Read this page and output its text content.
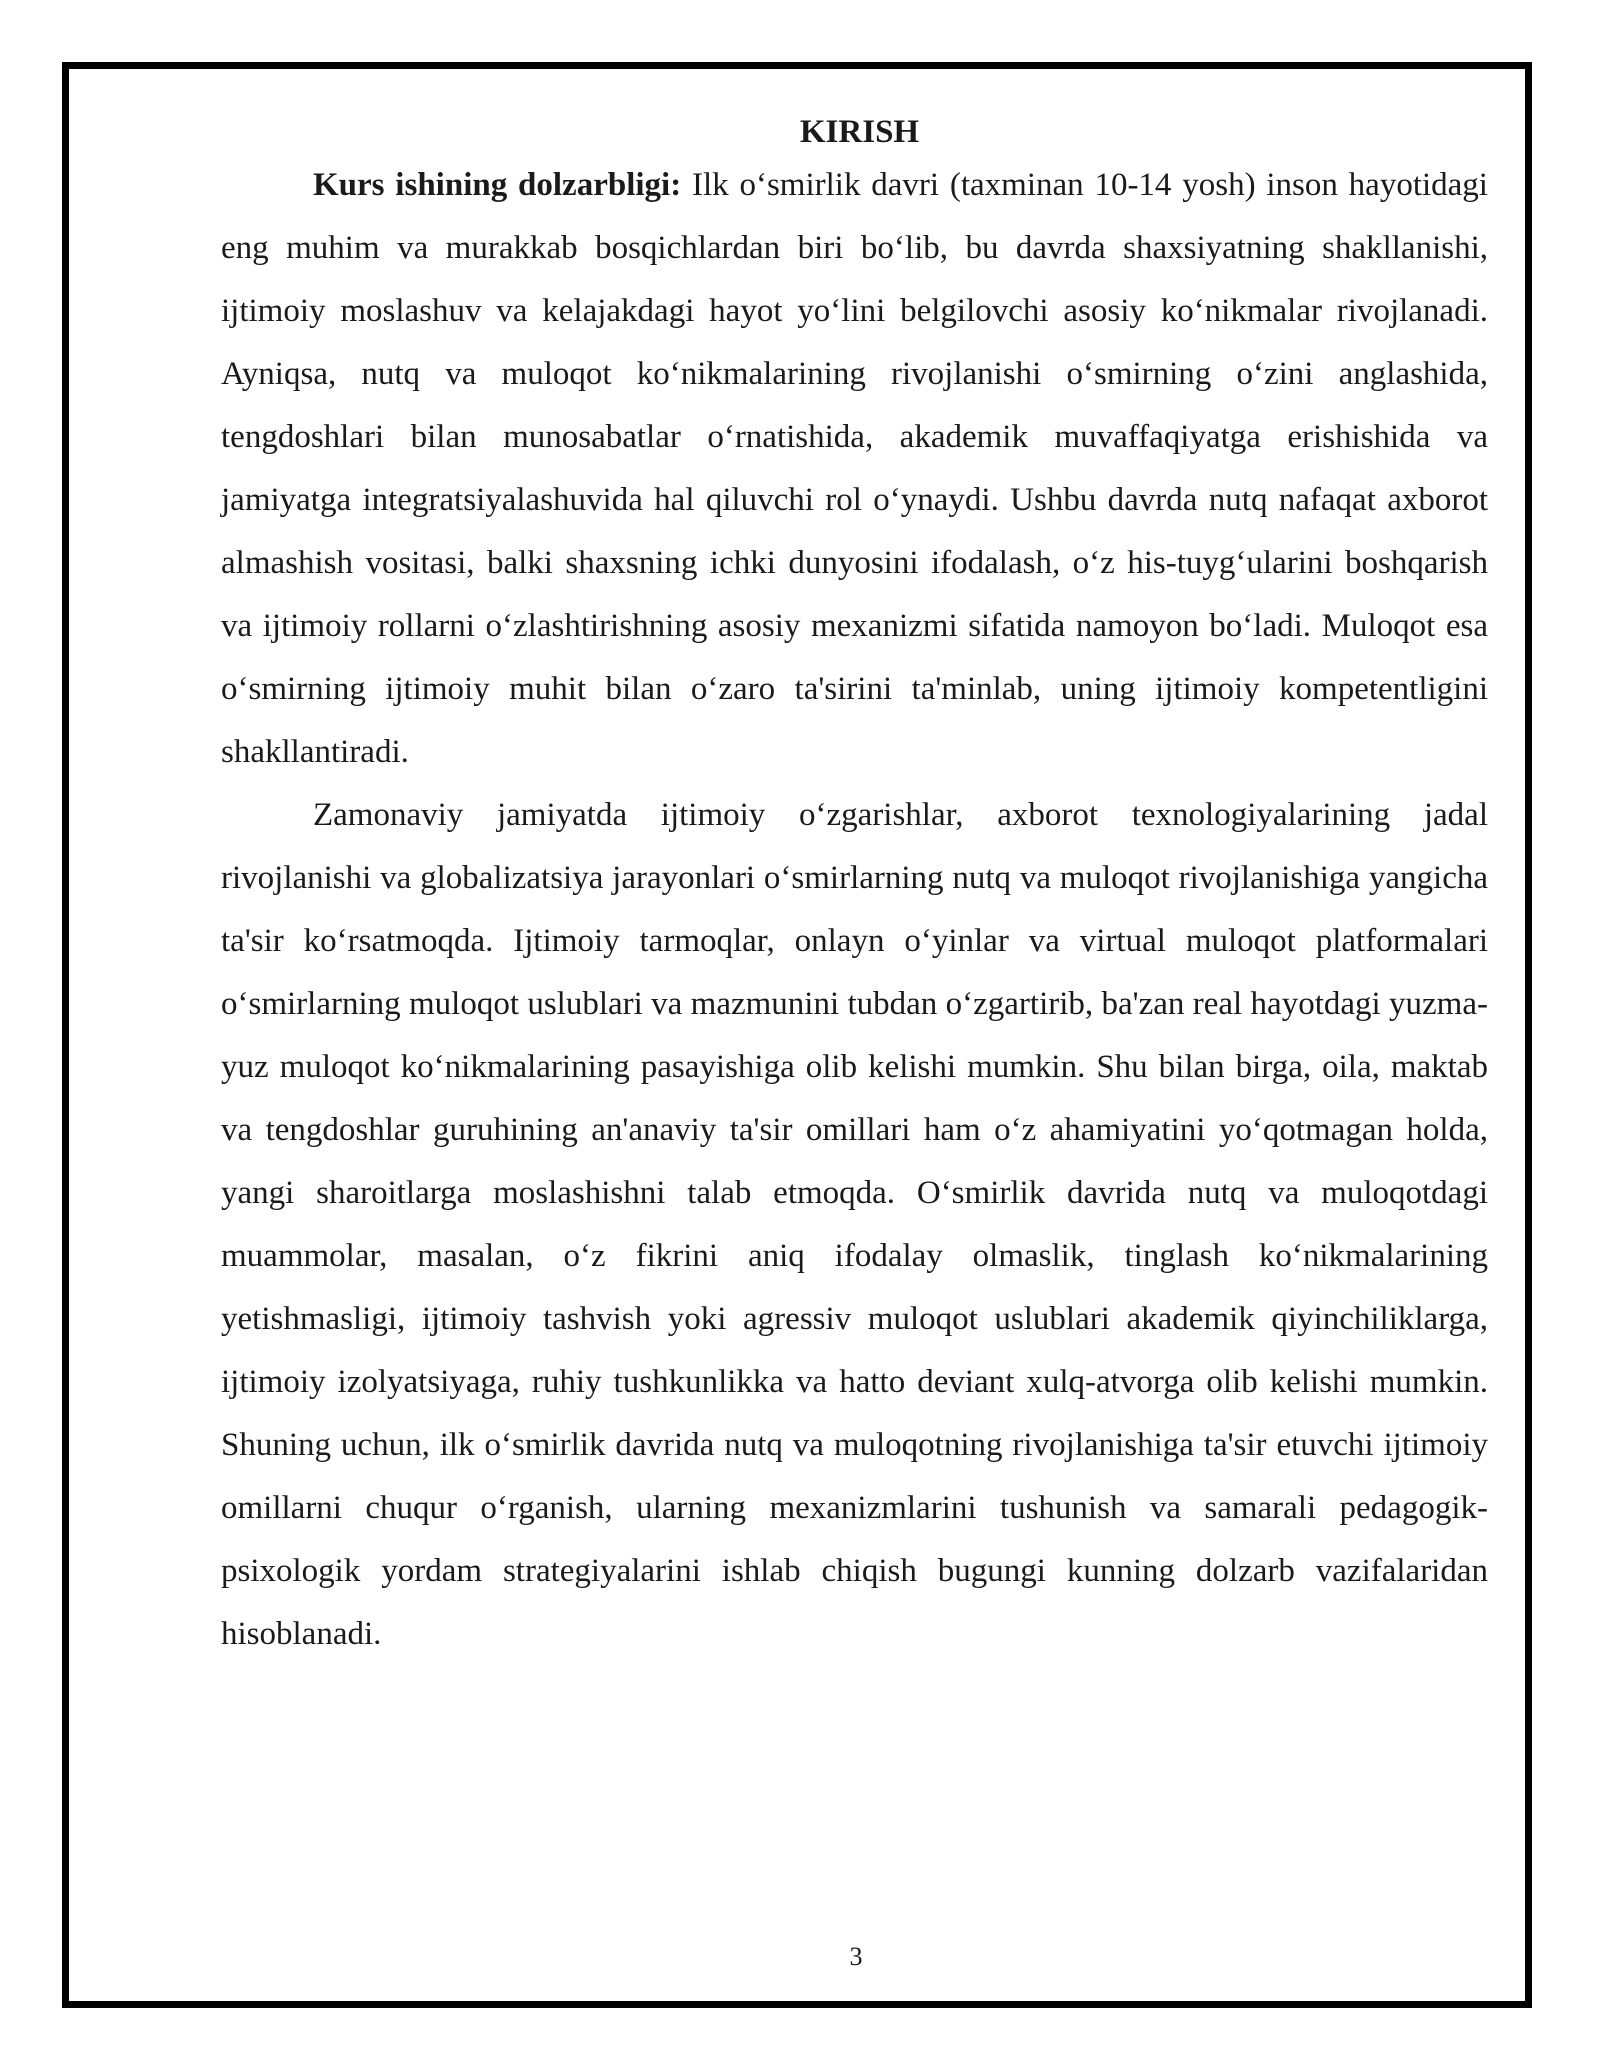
KIRISH

Kurs ishining dolzarbligi: Ilk oʻsmirlik davri (taxminan 10-14 yosh) inson hayotidagi eng muhim va murakkab bosqichlardan biri boʻlib, bu davrda shaxsiyatning shakllanishi, ijtimoiy moslashuv va kelajakdagi hayot yoʻlini belgilovchi asosiy koʻnikmalar rivojlanadi. Ayniqsa, nutq va muloqot koʻnikmalarining rivojlanishi oʻsmirning oʻzini anglashida, tengdoshlari bilan munosabatlar oʻrnatishida, akademik muvaffaqiyatga erishishida va jamiyatga integratsiyalashuvida hal qiluvchi rol oʻynaydi. Ushbu davrda nutq nafaqat axborot almashish vositasi, balki shaxsning ichki dunyosini ifodalash, oʻz his-tuygʻularini boshqarish va ijtimoiy rollarni oʻzlashtirishning asosiy mexanizmi sifatida namoyon boʻladi. Muloqot esa oʻsmirning ijtimoiy muhit bilan oʻzaro ta'sirini ta'minlab, uning ijtimoiy kompetentligini shakllantiradi.

Zamonaviy jamiyatda ijtimoiy oʻzgarishlar, axborot texnologiyalarining jadal rivojlanishi va globalizatsiya jarayonlari oʻsmirlarning nutq va muloqot rivojlanishiga yangicha ta'sir koʻrsatmoqda. Ijtimoiy tarmoqlar, onlayn oʻyinlar va virtual muloqot platformalari oʻsmirlarning muloqot uslublari va mazmunini tubdan oʻzgartirib, ba'zan real hayotdagi yuzma-yuz muloqot koʻnikmalarining pasayishiga olib kelishi mumkin. Shu bilan birga, oila, maktab va tengdoshlar guruhining an'anaviy ta'sir omillari ham oʻz ahamiyatini yoʻqotmagan holda, yangi sharoitlarga moslashishni talab etmoqda. Oʻsmirlik davrida nutq va muloqotdagi muammolar, masalan, oʻz fikrini aniq ifodalay olmaslik, tinglash koʻnikmalarining yetishmasligi, ijtimoiy tashvish yoki agressiv muloqot uslublari akademik qiyinchiliklarga, ijtimoiy izolyatsiyaga, ruhiy tushkunlikka va hatto deviant xulq-atvorga olib kelishi mumkin. Shuning uchun, ilk oʻsmirlik davrida nutq va muloqotning rivojlanishiga ta'sir etuvchi ijtimoiy omillarni chuqur oʻrganish, ularning mexanizmlarini tushunish va samarali pedagogik-psixologik yordam strategiyalarini ishlab chiqish bugungi kunning dolzarb vazifalaridan hisoblanadi.

3
